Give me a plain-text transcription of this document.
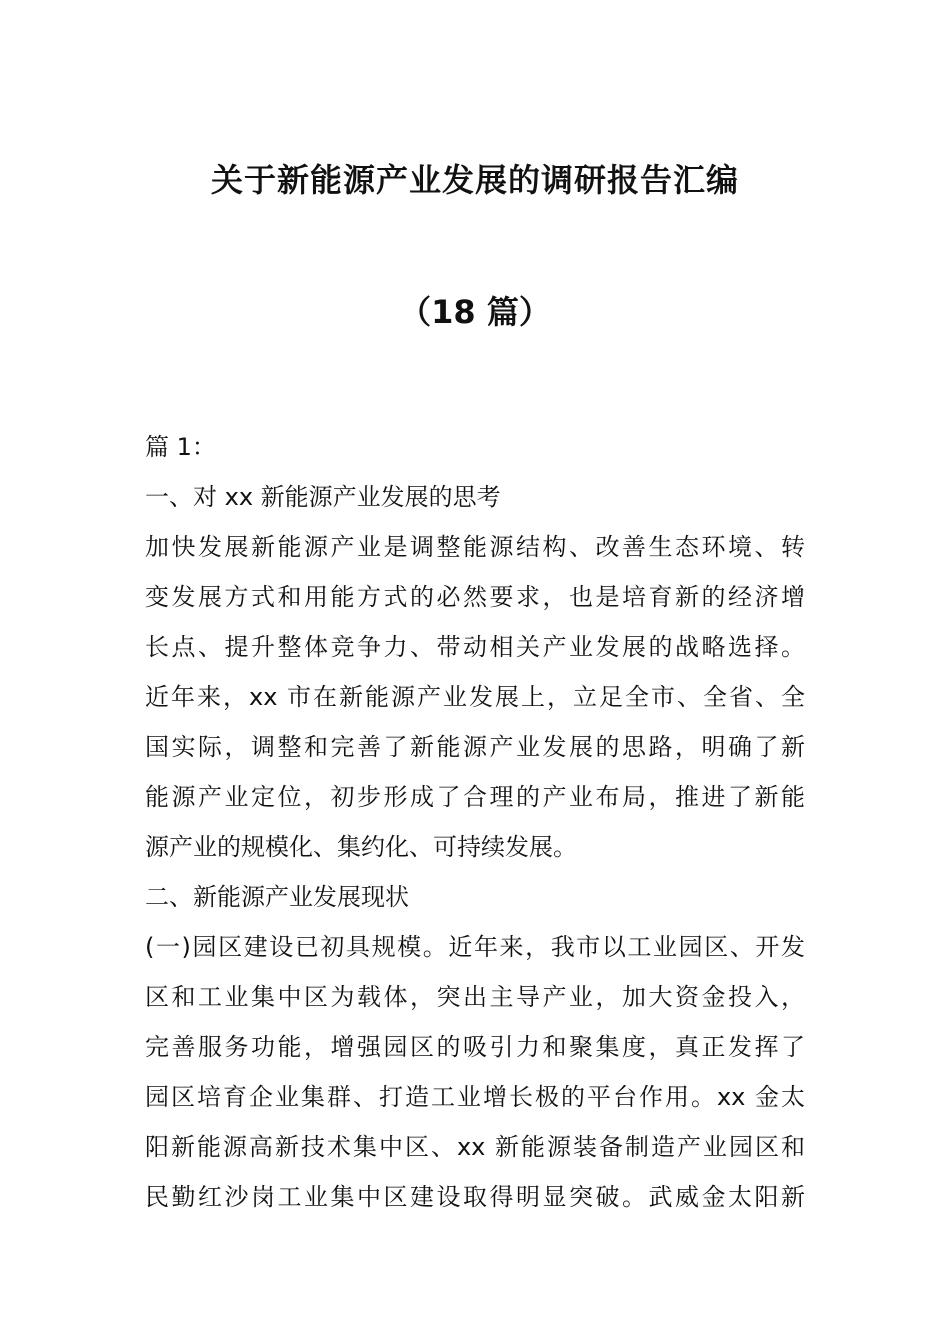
关于新能源产业发展的调研报告汇编
（18 篇）
篇 1：
一、对 xx 新能源产业发展的思考
加快发展新能源产业是调整能源结构、改善生态环境、转
变发展方式和用能方式的必然要求，也是培育新的经济增
长点、提升整体竞争力、带动相关产业发展的战略选择。
近年来，xx 市在新能源产业发展上，立足全市、全省、全
国实际，调整和完善了新能源产业发展的思路，明确了新
能源产业定位，初步形成了合理的产业布局，推进了新能
源产业的规模化、集约化、可持续发展。
二、新能源产业发展现状
(一)园区建设已初具规模。近年来，我市以工业园区、开发
区和工业集中区为载体，突出主导产业，加大资金投入，
完善服务功能，增强园区的吸引力和聚集度，真正发挥了
园区培育企业集群、打造工业增长极的平台作用。xx 金太
阳新能源高新技术集中区、xx 新能源装备制造产业园区和
民勤红沙岗工业集中区建设取得明显突破。武威金太阳新
